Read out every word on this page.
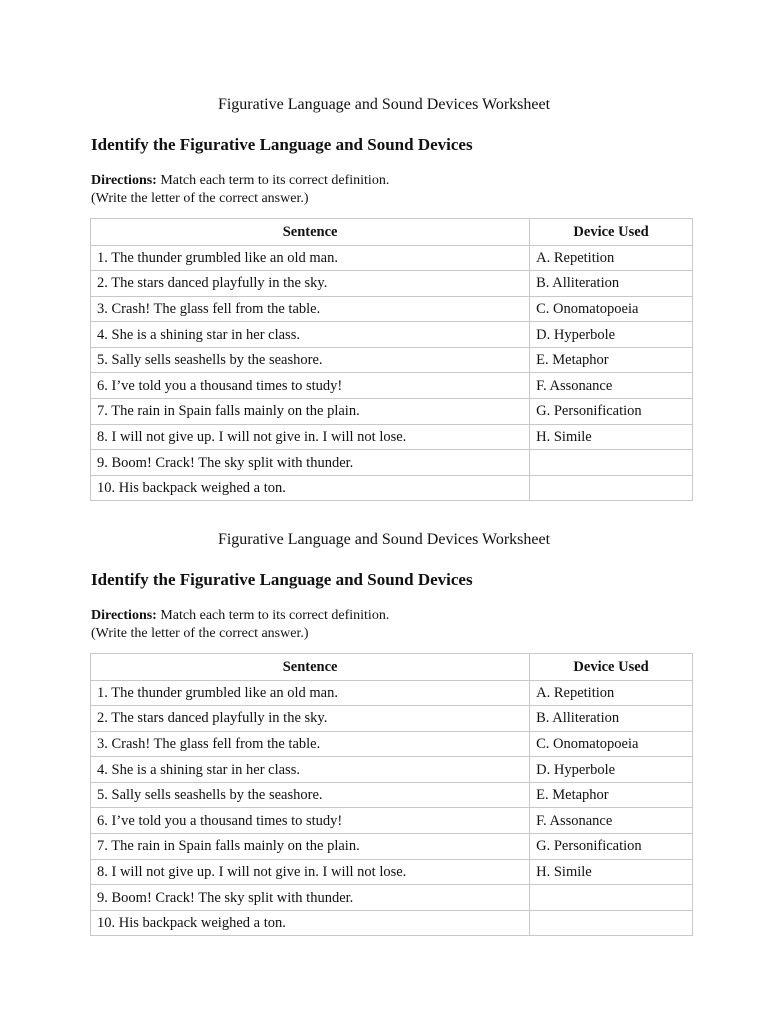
Figurative Language and Sound Devices Worksheet
Identify the Figurative Language and Sound Devices
Directions: Match each term to its correct definition.
(Write the letter of the correct answer.)
Sentence	Device Used
1. The thunder grumbled like an old man.	A. Repetition
2. The stars danced playfully in the sky.	B. Alliteration
3. Crash! The glass fell from the table.	C. Onomatopoeia
4. She is a shining star in her class.	D. Hyperbole
5. Sally sells seashells by the seashore.	E. Metaphor
6. I’ve told you a thousand times to study!	F. Assonance
7. The rain in Spain falls mainly on the plain.	G. Personification
8. I will not give up. I will not give in. I will not lose.	H. Simile
9. Boom! Crack! The sky split with thunder.	
10. His backpack weighed a ton.	
Figurative Language and Sound Devices Worksheet
Identify the Figurative Language and Sound Devices
Directions: Match each term to its correct definition.
(Write the letter of the correct answer.)
Sentence	Device Used
1. The thunder grumbled like an old man.	A. Repetition
2. The stars danced playfully in the sky.	B. Alliteration
3. Crash! The glass fell from the table.	C. Onomatopoeia
4. She is a shining star in her class.	D. Hyperbole
5. Sally sells seashells by the seashore.	E. Metaphor
6. I’ve told you a thousand times to study!	F. Assonance
7. The rain in Spain falls mainly on the plain.	G. Personification
8. I will not give up. I will not give in. I will not lose.	H. Simile
9. Boom! Crack! The sky split with thunder.	
10. His backpack weighed a ton.	
